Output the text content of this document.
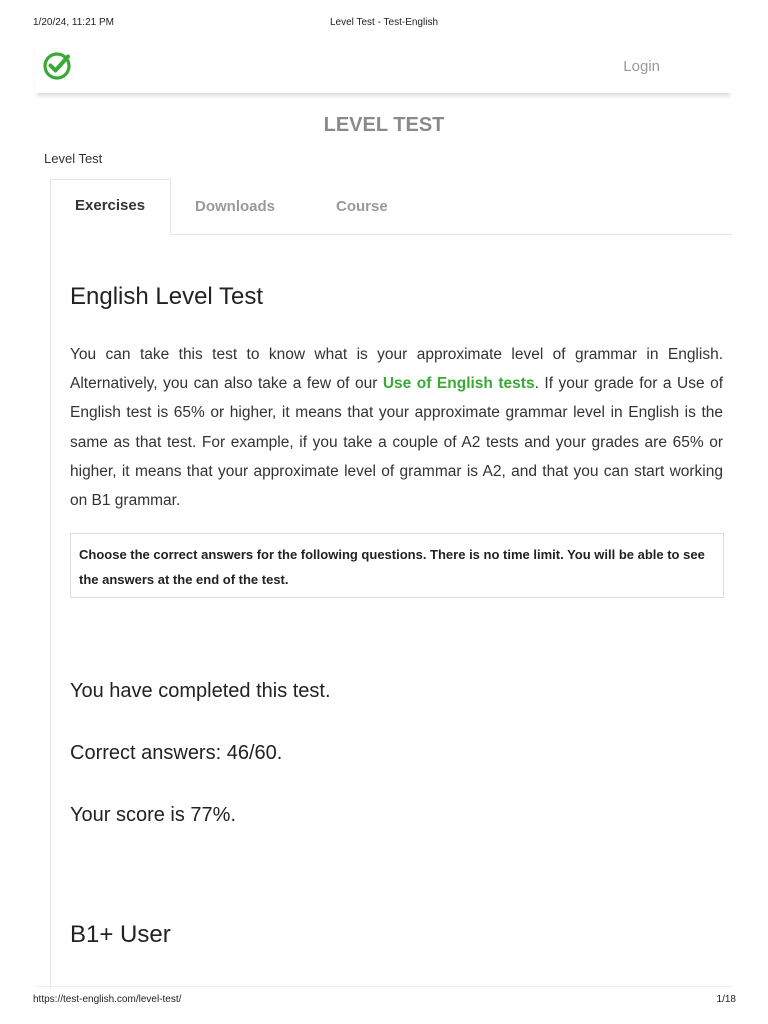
1/20/24, 11:21 PM	Level Test - Test-English
Login
LEVEL TEST
Level Test
Exercises	Downloads	Course
English Level Test

You can take this test to know what is your approximate level of grammar in English. Alternatively, you can also take a few of our Use of English tests. If your grade for a Use of English test is 65% or higher, it means that your approximate grammar level in English is the same as that test. For example, if you take a couple of A2 tests and your grades are 65% or higher, it means that your approximate level of grammar is A2, and that you can start working on B1 grammar.

Choose the correct answers for the following questions. There is no time limit. You will be able to see the answers at the end of the test.
You have completed this test.
Correct answers: 46/60.
Your score is 77%.
B1+ User
https://test-english.com/level-test/	1/18
